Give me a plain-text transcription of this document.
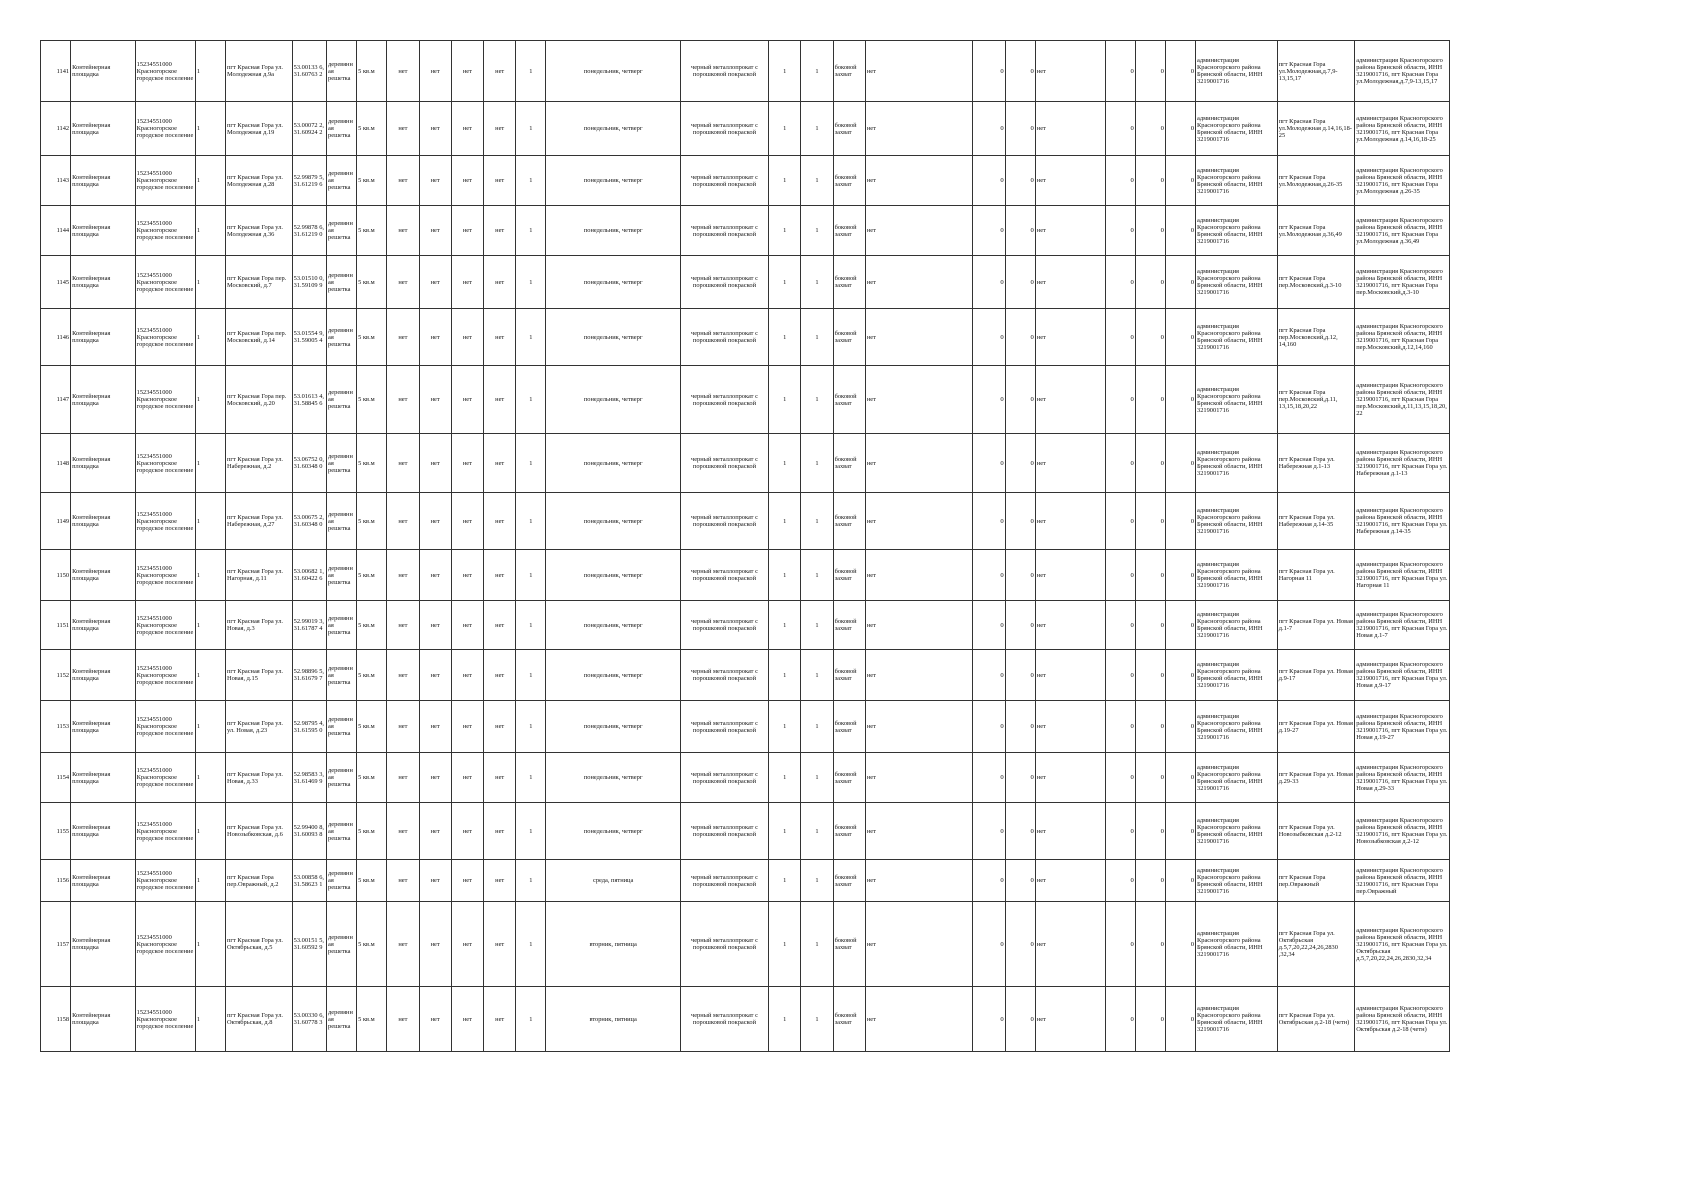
1141	Контейнерная площадка	15234551000 Красногорское городское поселение	1	пгт Красная Гора ул. Молодежная д.9а	53.00133 6, 31.60763 2	деревянн ая решетка	5 кв.м	нет	нет	нет	нет	1	понедельник, четверг	черный металлопрокат с порошковой покраской	1	1	боковой захват	нет	0	0	нет	0	0	0	администрация Красногорского района Брянской области, ИНН 3219001716	пгт Красная Гора ул.Молодежная,д.7,9-13,15,17	администрация Красногорского района Брянской области, ИНН 3219001716, пгт Красная Гора ул.Молодежная,д.7,9-13,15,17
1142	Контейнерная площадка	15234551000 Красногорское городское поселение	1	пгт Красная Гора ул. Молодежная д.19	53.00072 2, 31.60924 2	деревянн ая решетка	5 кв.м	нет	нет	нет	нет	1	понедельник, четверг	черный металлопрокат с порошковой покраской	1	1	боковой захват	нет	0	0	нет	0	0	0	администрация Красногорского района Брянской области, ИНН 3219001716	пгт Красная Гора ул.Молодежная д.14,16,18-25	администрация Красногорского района Брянской области, ИНН 3219001716, пгт Красная Гора ул.Молодежная д.14,16,18-25
1143	Контейнерная площадка	15234551000 Красногорское городское поселение	1	пгт Красная Гора ул. Молодежная д.28	52.99879 5, 31.61219 6	деревянн ая решетка	5 кв.м	нет	нет	нет	нет	1	понедельник, четверг	черный металлопрокат с порошковой покраской	1	1	боковой захват	нет	0	0	нет	0	0	0	администрация Красногорского района Брянской области, ИНН 3219001716	пгт Красная Гора ул.Молодежная,д.26-35	администрация Красногорского района Брянской области, ИНН 3219001716, пгт Красная Гора ул.Молодежная д.26-35
1144	Контейнерная площадка	15234551000 Красногорское городское поселение	1	пгт Красная Гора ул. Молодежная д.36	52.99878 6, 31.61219 0	деревянн ая решетка	5 кв.м	нет	нет	нет	нет	1	понедельник, четверг	черный металлопрокат с порошковой покраской	1	1	боковой захват	нет	0	0	нет	0	0	0	администрация Красногорского района Брянской области, ИНН 3219001716	пгт Красная Гора ул.Молодежная д.36,49	администрация Красногорского района Брянской области, ИНН 3219001716, пгт Красная Гора ул.Молодежная д.36,49
1145	Контейнерная площадка	15234551000 Красногорское городское поселение	1	пгт Красная Гора пер. Московский, д.7	53.01510 0, 31.59109 9	деревянн ая решетка	5 кв.м	нет	нет	нет	нет	1	понедельник, четверг	черный металлопрокат с порошковой покраской	1	1	боковой захват	нет	0	0	нет	0	0	0	администрация Красногорского района Брянской области, ИНН 3219001716	пгт Красная Гора пер.Московский,д.3-10	администрация Красногорского района Брянской области, ИНН 3219001716, пгт Красная Гора пер.Московский,д.3-10
1146	Контейнерная площадка	15234551000 Красногорское городское поселение	1	пгт Красная Гора пер. Московский, д.14	53.01554 9, 31.59005 4	деревянн ая решетка	5 кв.м	нет	нет	нет	нет	1	понедельник, четверг	черный металлопрокат с порошковой покраской	1	1	боковой захват	нет	0	0	нет	0	0	0	администрация Красногорского района Брянской области, ИНН 3219001716	пгт Красная Гора пер.Московский,д.12, 14,160	администрация Красногорского района Брянской области, ИНН 3219001716, пгт Красная Гора пер.Московский,д.12,14,160
1147	Контейнерная площадка	15234551000 Красногорское городское поселение	1	пгт Красная Гора пер. Московский, д.20	53.01613 4, 31.58845 6	деревянн ая решетка	5 кв.м	нет	нет	нет	нет	1	понедельник, четверг	черный металлопрокат с порошковой покраской	1	1	боковой захват	нет	0	0	нет	0	0	0	администрация Красногорского района Брянской области, ИНН 3219001716	пгт Красная Гора пер.Московский,д.11, 13,15,18,20,22	администрация Красногорского района Брянской области, ИНН 3219001716, пгт Красная Гора пер.Московский,д.11,13,15,18,20,22
1148	Контейнерная площадка	15234551000 Красногорское городское поселение	1	пгт Красная Гора ул. Набережная, д.2	53.06752 0, 31.60348 0	деревянн ая решетка	5 кв.м	нет	нет	нет	нет	1	понедельник, четверг	черный металлопрокат с порошковой покраской	1	1	боковой захват	нет	0	0	нет	0	0	0	администрация Красногорского района Брянской области, ИНН 3219001716	пгт Красная Гора ул. Набережная д.1-13	администрация Красногорского района Брянской области, ИНН 3219001716, пгт Красная Гора ул. Набережная д.1-13
1149	Контейнерная площадка	15234551000 Красногорское городское поселение	1	пгт Красная Гора ул. Набережная, д.27	53.00675 2, 31.60348 0	деревянн ая решетка	5 кв.м	нет	нет	нет	нет	1	понедельник, четверг	черный металлопрокат с порошковой покраской	1	1	боковой захват	нет	0	0	нет	0	0	0	администрация Красногорского района Брянской области, ИНН 3219001716	пгт Красная Гора ул. Набережная д.14-35	администрация Красногорского района Брянской области, ИНН 3219001716, пгт Красная Гора ул. Набережная д.14-35
1150	Контейнерная площадка	15234551000 Красногорское городское поселение	1	пгт Красная Гора ул. Нагорная, д.11	53.00682 1, 31.60422 6	деревянн ая решетка	5 кв.м	нет	нет	нет	нет	1	понедельник, четверг	черный металлопрокат с порошковой покраской	1	1	боковой захват	нет	0	0	нет	0	0	0	администрация Красногорского района Брянской области, ИНН 3219001716	пгт Красная Гора ул. Нагорная 11	администрация Красногорского района Брянской области, ИНН 3219001716, пгт Красная Гора ул. Нагорная 11
1151	Контейнерная площадка	15234551000 Красногорское городское поселение	1	пгт Красная Гора ул. Новая, д.3	52.99019 3, 31.61787 4	деревянн ая решетка	5 кв.м	нет	нет	нет	нет	1	понедельник, четверг	черный металлопрокат с порошковой покраской	1	1	боковой захват	нет	0	0	нет	0	0	0	администрация Красногорского района Брянской области, ИНН 3219001716	пгт Красная Гора ул. Новая д.1-7	администрация Красногорского района Брянской области, ИНН 3219001716, пгт Красная Гора ул. Новая д.1-7
1152	Контейнерная площадка	15234551000 Красногорское городское поселение	1	пгт Красная Гора ул. Новая, д.15	52.98896 5, 31.61679 7	деревянн ая решетка	5 кв.м	нет	нет	нет	нет	1	понедельник, четверг	черный металлопрокат с порошковой покраской	1	1	боковой захват	нет	0	0	нет	0	0	0	администрация Красногорского района Брянской области, ИНН 3219001716	пгт Красная Гора ул. Новая д.9-17	администрация Красногорского района Брянской области, ИНН 3219001716, пгт Красная Гора ул. Новая д.9-17
1153	Контейнерная площадка	15234551000 Красногорское городское поселение	1	пгт Красная Гора ул. ул. Новая, д.23	52.98795 4, 31.61595 0	деревянн ая решетка	5 кв.м	нет	нет	нет	нет	1	понедельник, четверг	черный металлопрокат с порошковой покраской	1	1	боковой захват	нет	0	0	нет	0	0	0	администрация Красногорского района Брянской области, ИНН 3219001716	пгт Красная Гора ул. Новая д.19-27	администрация Красногорского района Брянской области, ИНН 3219001716, пгт Красная Гора ул. Новая д.19-27
1154	Контейнерная площадка	15234551000 Красногорское городское поселение	1	пгт Красная Гора ул. Новая, д.33	52.98583 3, 31.61469 9	деревянн ая решетка	5 кв.м	нет	нет	нет	нет	1	понедельник, четверг	черный металлопрокат с порошковой покраской	1	1	боковой захват	нет	0	0	нет	0	0	0	администрация Красногорского района Брянской области, ИНН 3219001716	пгт Красная Гора ул. Новая д.29-33	администрация Красногорского района Брянской области, ИНН 3219001716, пгт Красная Гора ул. Новая д.29-33
1155	Контейнерная площадка	15234551000 Красногорское городское поселение	1	пгт Красная Гора ул. Новозыбковская, д.6	52.99400 8, 31.60093 8	деревянн ая решетка	5 кв.м	нет	нет	нет	нет	1	понедельник, четверг	черный металлопрокат с порошковой покраской	1	1	боковой захват	нет	0	0	нет	0	0	0	администрация Красногорского района Брянской области, ИНН 3219001716	пгт Красная Гора ул. Новозыбковская д.2-12	администрация Красногорского района Брянской области, ИНН 3219001716, пгт Красная Гора ул. Новозыбковская д.2-12
1156	Контейнерная площадка	15234551000 Красногорское городское поселение	1	пгт Красная Гора пер.Овражный, д.2	53.00858 6, 31.58623 1	деревянн ая решетка	5 кв.м	нет	нет	нет	нет	1	среда, пятница	черный металлопрокат с порошковой покраской	1	1	боковой захват	нет	0	0	нет	0	0	0	администрация Красногорского района Брянской области, ИНН 3219001716	пгт Красная Гора пер.Овражный	администрация Красногорского района Брянской области, ИНН 3219001716, пгт Красная Гора пер.Овражный
1157	Контейнерная площадка	15234551000 Красногорское городское поселение	1	пгт Красная Гора ул. Октябрьская, д.5	53.00151 5, 31.60592 9	деревянн ая решетка	5 кв.м	нет	нет	нет	нет	1	вторник, пятница	черный металлопрокат с порошковой покраской	1	1	боковой захват	нет	0	0	нет	0	0	0	администрация Красногорского района Брянской области, ИНН 3219001716	пгт Красная Гора ул. Октябрьская д.5,7,20,22,24,26,2830 ,32,34	администрация Красногорского района Брянской области, ИНН 3219001716, пгт Красная Гора ул. Октябрьская д.5,7,20,22,24,26,2830,32,34
1158	Контейнерная площадка	15234551000 Красногорское городское поселение	1	пгт Красная Гора ул. Октябрьская, д.8	53.00330 6, 31.60778 3	деревянн ая решетка	5 кв.м	нет	нет	нет	нет	1	вторник, пятница	черный металлопрокат с порошковой покраской	1	1	боковой захват	нет	0	0	нет	0	0	0	администрация Красногорского района Брянской области, ИНН 3219001716	пгт Красная Гора ул. Октябрьская д.2-18 (четн)	администрация Красногорского района Брянской области, ИНН 3219001716, пгт Красная Гора ул. Октябрьская д.2-18 (четн)
